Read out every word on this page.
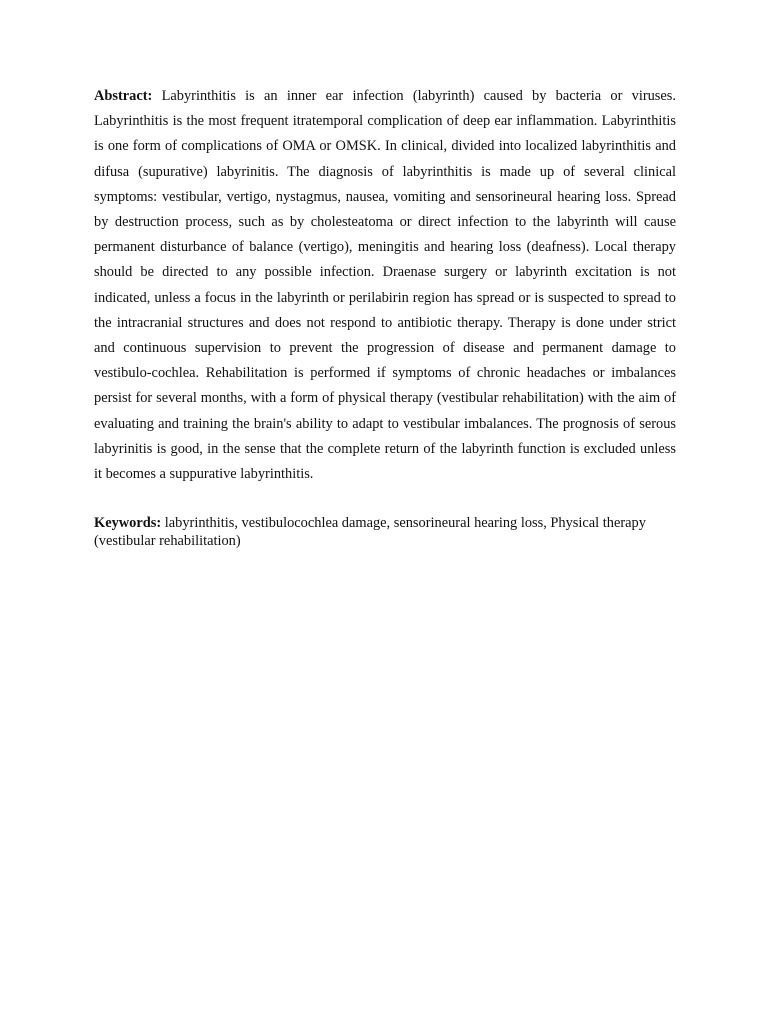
Abstract: Labyrinthitis is an inner ear infection (labyrinth) caused by bacteria or viruses. Labyrinthitis is the most frequent itratemporal complication of deep ear inflammation. Labyrinthitis is one form of complications of OMA or OMSK. In clinical, divided into localized labyrinthitis and difusa (supurative) labyrinitis. The diagnosis of labyrinthitis is made up of several clinical symptoms: vestibular, vertigo, nystagmus, nausea, vomiting and sensorineural hearing loss. Spread by destruction process, such as by cholesteatoma or direct infection to the labyrinth will cause permanent disturbance of balance (vertigo), meningitis and hearing loss (deafness). Local therapy should be directed to any possible infection. Draenase surgery or labyrinth excitation is not indicated, unless a focus in the labyrinth or perilabirin region has spread or is suspected to spread to the intracranial structures and does not respond to antibiotic therapy. Therapy is done under strict and continuous supervision to prevent the progression of disease and permanent damage to vestibulo-cochlea. Rehabilitation is performed if symptoms of chronic headaches or imbalances persist for several months, with a form of physical therapy (vestibular rehabilitation) with the aim of evaluating and training the brain's ability to adapt to vestibular imbalances. The prognosis of serous labyrinitis is good, in the sense that the complete return of the labyrinth function is excluded unless it becomes a suppurative labyrinthitis.

Keywords: labyrinthitis, vestibulocochlea damage, sensorineural hearing loss, Physical therapy (vestibular rehabilitation)
